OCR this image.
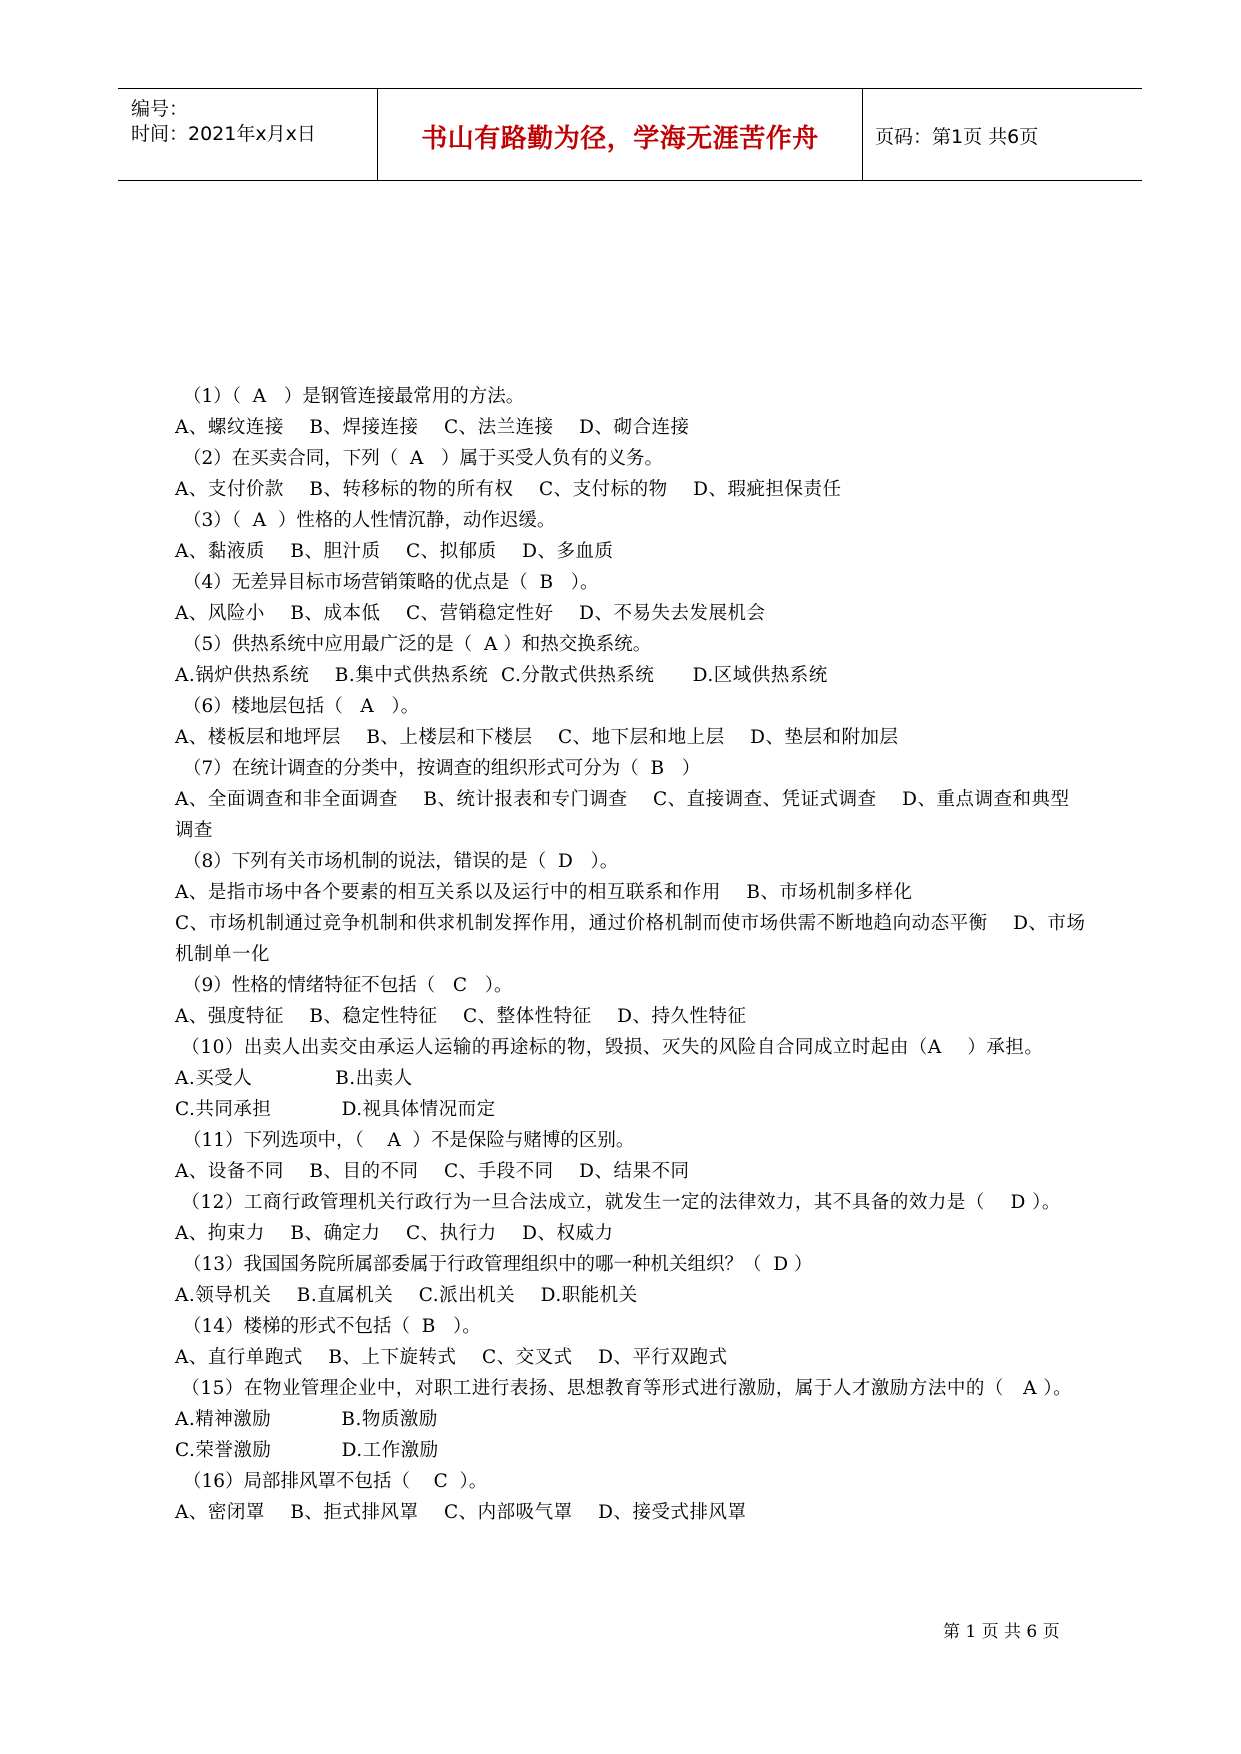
编号：
时间：2021年x月x日	书山有路勤为径，学海无涯苦作舟	页码：第1页 共6页
（1）（  A   ）是钢管连接最常用的方法。
A、螺纹连接    B、焊接连接    C、法兰连接    D、砌合连接
（2）在买卖合同，下列（  A   ）属于买受人负有的义务。
A、支付价款    B、转移标的物的所有权    C、支付标的物    D、瑕疵担保责任
（3）（  A  ）性格的人性情沉静，动作迟缓。
A、黏液质    B、胆汁质    C、拟郁质    D、多血质
（4）无差异目标市场营销策略的优点是（  B   ）。
A、风险小    B、成本低    C、营销稳定性好    D、不易失去发展机会
（5）供热系统中应用最广泛的是（  A ）和热交换系统。
A.锅炉供热系统    B.集中式供热系统  C.分散式供热系统      D.区域供热系统
（6）楼地层包括（   A   ）。
A、楼板层和地坪层    B、上楼层和下楼层    C、地下层和地上层    D、垫层和附加层
（7）在统计调查的分类中，按调查的组织形式可分为（  B   ）
A、全面调查和非全面调查    B、统计报表和专门调查    C、直接调查、凭证式调查    D、重点调查和典型调查
（8）下列有关市场机制的说法，错误的是（  D   ）。
A、是指市场中各个要素的相互关系以及运行中的相互联系和作用    B、市场机制多样化
C、市场机制通过竞争机制和供求机制发挥作用，通过价格机制而使市场供需不断地趋向动态平衡    D、市场机制单一化
（9）性格的情绪特征不包括（   C   ）。
A、强度特征    B、稳定性特征    C、整体性特征    D、持久性特征
（10）出卖人出卖交由承运人运输的再途标的物，毁损、灭失的风险自合同成立时起由（A    ）承担。
A.买受人             B.出卖人
C.共同承担           D.视具体情况而定
（11）下列选项中，（    A  ）不是保险与赌博的区别。
A、设备不同    B、目的不同    C、手段不同    D、结果不同
（12）工商行政管理机关行政行为一旦合法成立，就发生一定的法律效力，其不具备的效力是（    D ）。
A、拘束力    B、确定力    C、执行力    D、权威力
（13）我国国务院所属部委属于行政管理组织中的哪一种机关组织？（  D ）
A.领导机关    B.直属机关    C.派出机关    D.职能机关
（14）楼梯的形式不包括（  B   ）。
A、直行单跑式    B、上下旋转式    C、交叉式    D、平行双跑式
（15）在物业管理企业中，对职工进行表扬、思想教育等形式进行激励，属于人才激励方法中的（   A ）。
A.精神激励           B.物质激励
C.荣誉激励           D.工作激励
（16）局部排风罩不包括（    C  ）。
A、密闭罩    B、拒式排风罩    C、内部吸气罩    D、接受式排风罩
第 1 页 共 6 页
